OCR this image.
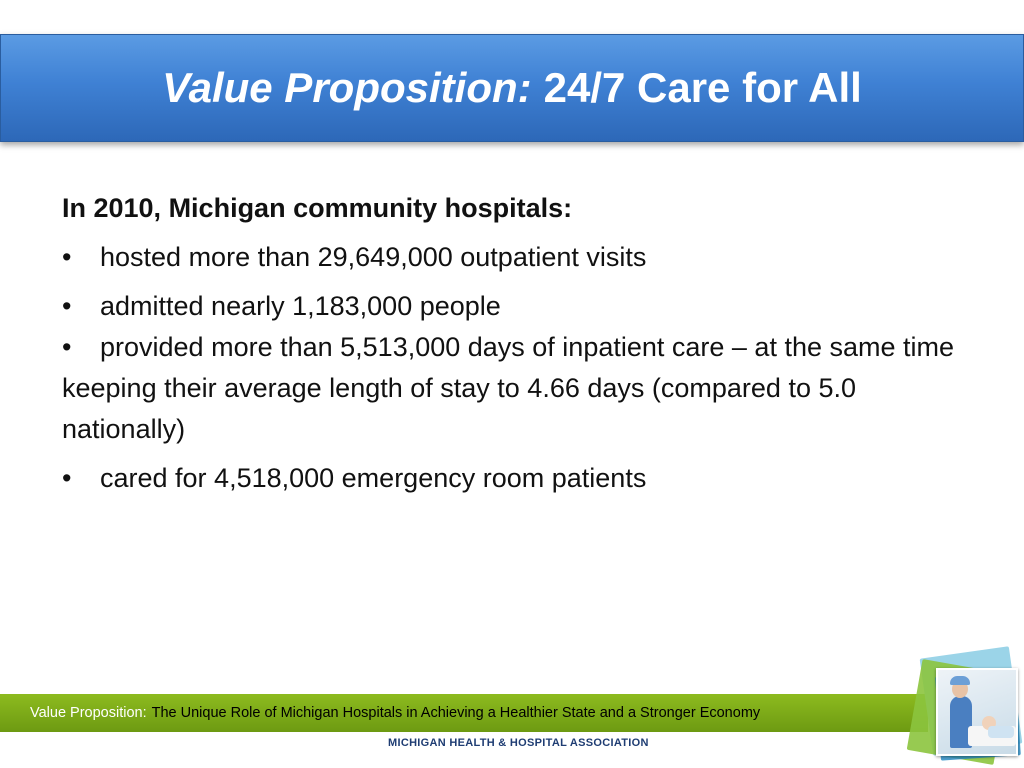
Value Proposition: 24/7 Care for All
In 2010, Michigan community hospitals:
• hosted more than 29,649,000 outpatient visits
• admitted nearly 1,183,000 people
• provided more than 5,513,000 days of inpatient care – at the same time keeping their average length of stay to 4.66 days (compared to 5.0 nationally)
• cared for 4,518,000 emergency room patients
Value Proposition: The Unique Role of Michigan Hospitals in Achieving a Healthier State and a Stronger Economy
MICHIGAN HEALTH & HOSPITAL ASSOCIATION
